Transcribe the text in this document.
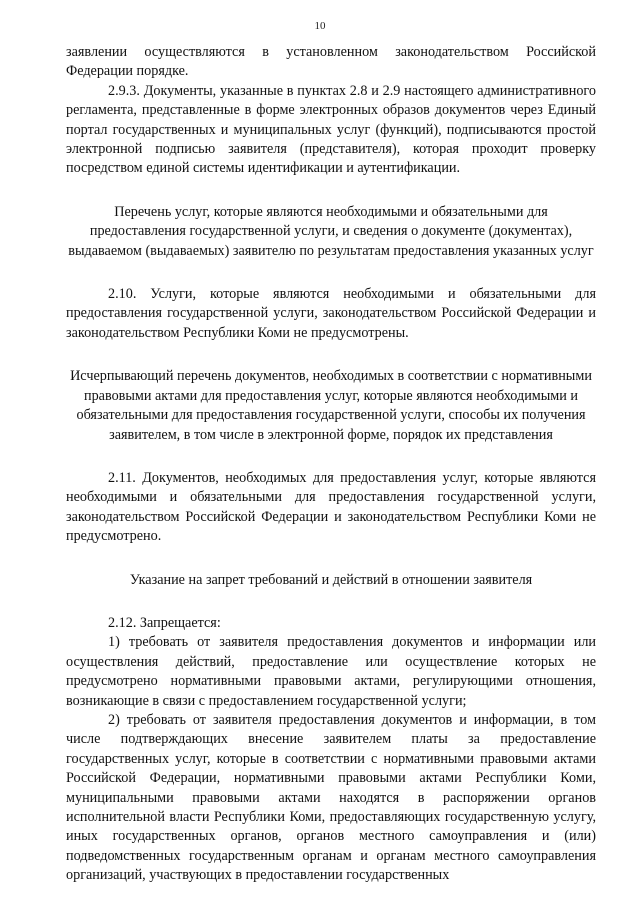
10

заявлении осуществляются в установленном законодательством Российской Федерации порядке.

2.9.3. Документы, указанные в пунктах 2.8 и 2.9 настоящего административного регламента, представленные в форме электронных образов документов через Единый портал государственных и муниципальных услуг (функций), подписываются простой электронной подписью заявителя (представителя), которая проходит проверку посредством единой системы идентификации и аутентификации.

Перечень услуг, которые являются необходимыми и обязательными для предоставления государственной услуги, и сведения о документе (документах), выдаваемом (выдаваемых) заявителю по результатам предоставления указанных услуг

2.10. Услуги, которые являются необходимыми и обязательными для предоставления государственной услуги, законодательством Российской Федерации и законодательством Республики Коми не предусмотрены.

Исчерпывающий перечень документов, необходимых в соответствии с нормативными правовыми актами для предоставления услуг, которые являются необходимыми и обязательными для предоставления государственной услуги, способы их получения заявителем, в том числе в электронной форме, порядок их представления

2.11. Документов, необходимых для предоставления услуг, которые являются необходимыми и обязательными для предоставления государственной услуги, законодательством Российской Федерации и законодательством Республики Коми не предусмотрено.

Указание на запрет требований и действий в отношении заявителя

2.12. Запрещается:

1) требовать от заявителя предоставления документов и информации или осуществления действий, предоставление или осуществление которых не предусмотрено нормативными правовыми актами, регулирующими отношения, возникающие в связи с предоставлением государственной услуги;

2) требовать от заявителя предоставления документов и информации, в том числе подтверждающих внесение заявителем платы за предоставление государственных услуг, которые в соответствии с нормативными правовыми актами Российской Федерации, нормативными правовыми актами Республики Коми, муниципальными правовыми актами находятся в распоряжении органов исполнительной власти Республики Коми, предоставляющих государственную услугу, иных государственных органов, органов местного самоуправления и (или) подведомственных государственным органам и органам местного самоуправления организаций, участвующих в предоставлении государственных
